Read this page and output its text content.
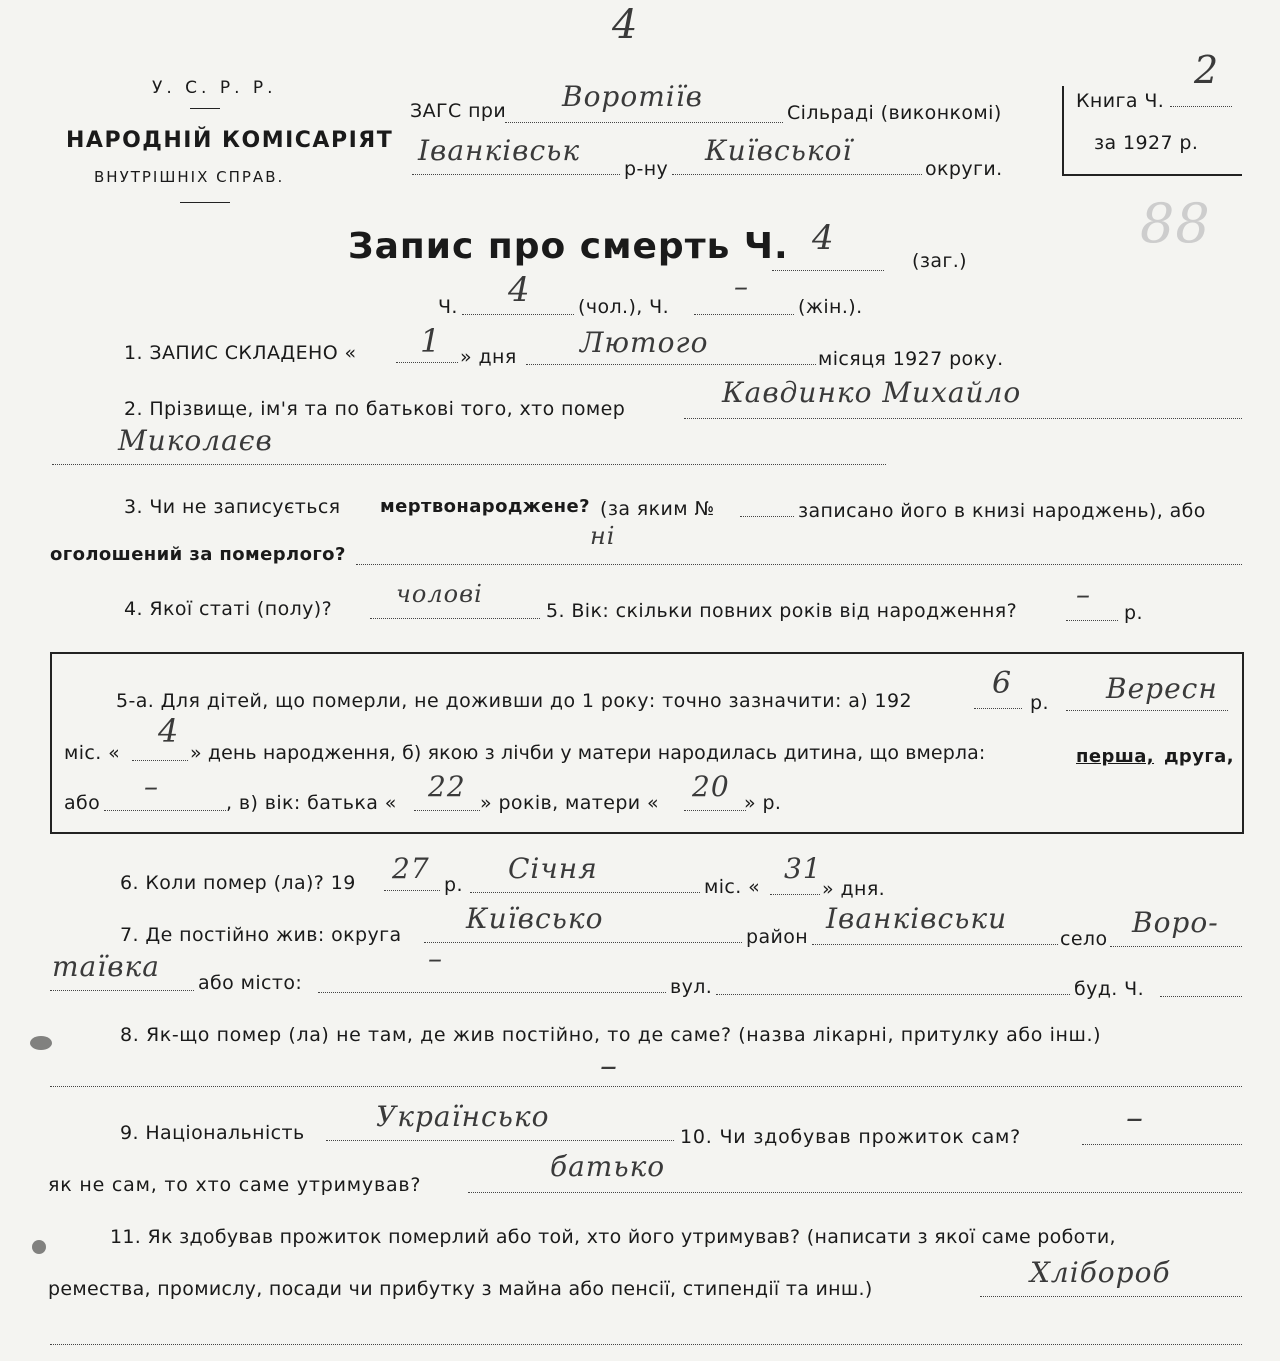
4
У. С. Р. Р.
НАРОДНІЙ КОМІСАРІЯТ
ВНУТРІШНІХ СПРАВ.
ЗАГС при Воротіїв	Сільраді (виконкомі)
Іванківськ
р-ну
Київської
округи.
Книга Ч.
2
за 1927 р.
88
Запис про смерть Ч. 4
(заг.)
Ч. 4 (чол.), Ч.
–
(жін.).
1. ЗАПИС СКЛАДЕНО « 1 » дня Лютого	місяця 1927 року.
2. Прізвище, ім'я та по батькові того, хто помер	Кавдинко Михайло
Миколаєв
3. Чи не записується мертвонароджене? (за яким №	записано його в книзі народжень), або
оголошений за померлого?
ні
4. Якої статі (полу)?
чолові
5. Вік: скільки повних років від народження? –
р.
5-а. Для дітей, що померли, не доживши до 1 року: точно зазначити: а) 192	6
р. Вересн
міс. «
4
» день народження, б) якою з лічби у матери народилась дитина, що вмерла:	перша, друга,
або –	, в) вік: батька « 22 » років, матери « 20 » р.
6. Коли помер (ла)? 19 27 р. Січня
міс. «
31
» дня.
7. Де постійно жив: округа Київсько
район
Іванківськи
село Воро-
таївка або місто:
–
вул.	буд. Ч.
8. Як-що помер (ла) не там, де жив постійно, то де саме? (назва лікарні, притулку або інш.)
–
9. Національність	Українсько
10. Чи здобував прожиток сам?	–
як не сам, то хто саме утримував?
батько
11. Як здобував прожиток померлий або той, хто його утримував? (написати з якої саме роботи,
ремества, промислу, посади чи прибутку з майна або пенсії, стипендії та инш.)	Хлібороб
